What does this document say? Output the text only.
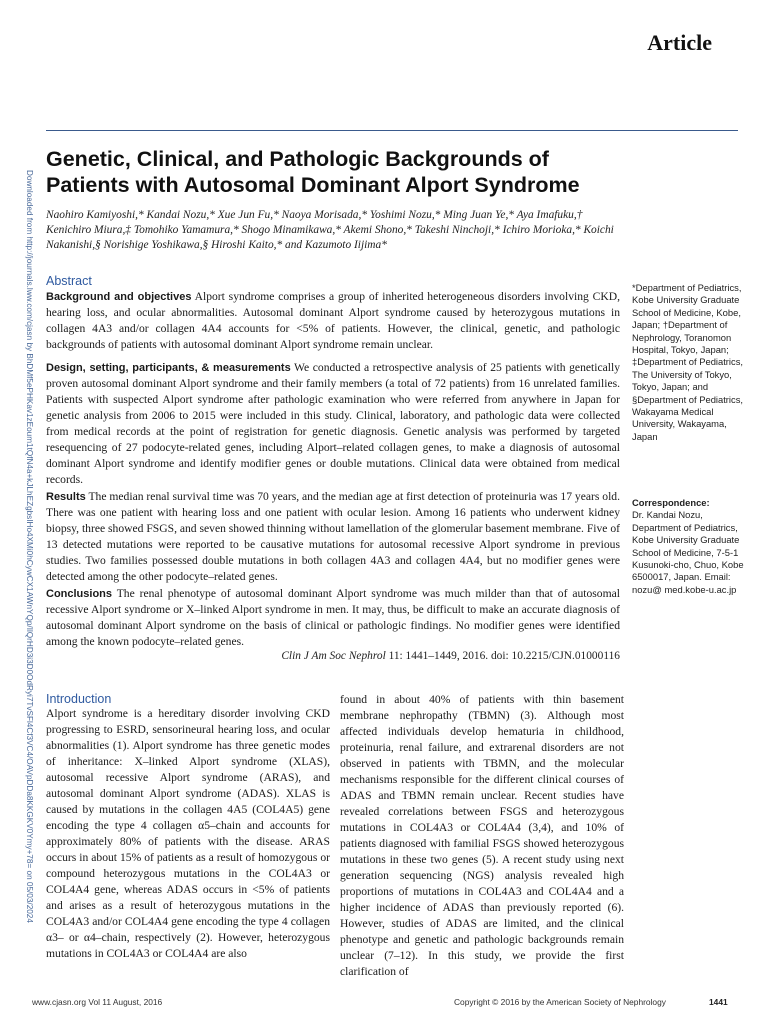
Article
Downloaded from http://journals.lww.com/cjasn by BhDMf5ePHKav1zEoum1tQfN4a+kJLhEZgbsIHo4XMi0hCywCX1AWnYQp/IlQrHD3i3D0OdRyi7TvSFl4Cf3VC4/OAVpDDa8KKGKV0Ymy+78= on 05/03/2024
Genetic, Clinical, and Pathologic Backgrounds of Patients with Autosomal Dominant Alport Syndrome
Naohiro Kamiyoshi,* Kandai Nozu,* Xue Jun Fu,* Naoya Morisada,* Yoshimi Nozu,* Ming Juan Ye,* Aya Imafuku,† Kenichiro Miura,‡ Tomohiko Yamamura,* Shogo Minamikawa,* Akemi Shono,* Takeshi Ninchoji,* Ichiro Morioka,* Koichi Nakanishi,§ Norishige Yoshikawa,§ Hiroshi Kaito,* and Kazumoto Iijima*
Abstract

Background and objectives Alport syndrome comprises a group of inherited heterogeneous disorders involving CKD, hearing loss, and ocular abnormalities. Autosomal dominant Alport syndrome caused by heterozygous mutations in collagen 4A3 and/or collagen 4A4 accounts for <5% of patients. However, the clinical, genetic, and pathologic backgrounds of patients with autosomal dominant Alport syndrome remain unclear.

Design, setting, participants, & measurements We conducted a retrospective analysis of 25 patients with genetically proven autosomal dominant Alport syndrome and their family members (a total of 72 patients) from 16 unrelated families. Patients with suspected Alport syndrome after pathologic examination who were referred from anywhere in Japan for genetic analysis from 2006 to 2015 were included in this study. Clinical, laboratory, and pathologic data were collected from medical records at the point of registration for genetic diagnosis. Genetic analysis was performed by targeted resequencing of 27 podocyte-related genes, including Alport–related collagen genes, to make a diagnosis of autosomal dominant Alport syndrome and identify modifier genes or double mutations. Clinical data were obtained from medical records.

Results The median renal survival time was 70 years, and the median age at first detection of proteinuria was 17 years old. There was one patient with hearing loss and one patient with ocular lesion. Among 16 patients who underwent kidney biopsy, three showed FSGS, and seven showed thinning without lamellation of the glomerular basement membrane. Five of 13 detected mutations were reported to be causative mutations for autosomal recessive Alport syndrome in previous studies. Two families possessed double mutations in both collagen 4A3 and collagen 4A4, but no modifier genes were detected among the other podocyte–related genes.

Conclusions The renal phenotype of autosomal dominant Alport syndrome was much milder than that of autosomal recessive Alport syndrome or X–linked Alport syndrome in men. It may, thus, be difficult to make an accurate diagnosis of autosomal dominant Alport syndrome on the basis of clinical or pathologic findings. No modifier genes were identified among the known podocyte–related genes.

Clin J Am Soc Nephrol 11: 1441–1449, 2016. doi: 10.2215/CJN.01000116
*Department of Pediatrics, Kobe University Graduate School of Medicine, Kobe, Japan; †Department of Nephrology, Toranomon Hospital, Tokyo, Japan; ‡Department of Pediatrics, The University of Tokyo, Tokyo, Japan; and §Department of Pediatrics, Wakayama Medical University, Wakayama, Japan
Correspondence:
Dr. Kandai Nozu, Department of Pediatrics, Kobe University Graduate School of Medicine, 7-5-1 Kusunoki-cho, Chuo, Kobe 6500017, Japan. Email: nozu@ med.kobe-u.ac.jp
Introduction

Alport syndrome is a hereditary disorder involving CKD progressing to ESRD, sensorineural hearing loss, and ocular abnormalities (1). Alport syndrome has three genetic modes of inheritance: X–linked Alport syndrome (XLAS), autosomal recessive Alport syndrome (ARAS), and autosomal dominant Alport syndrome (ADAS). XLAS is caused by mutations in the collagen 4A5 (COL4A5) gene encoding the type 4 collagen α5–chain and accounts for approximately 80% of patients with the disease. ARAS occurs in about 15% of patients as a result of homozygous or compound heterozygous mutations in the COL4A3 or COL4A4 gene, whereas ADAS occurs in <5% of patients and arises as a result of heterozygous mutations in the COL4A3 and/or COL4A4 gene encoding the type 4 collagen α3– or α4–chain, respectively (2). However, heterozygous mutations in COL4A3 or COL4A4 are also

found in about 40% of patients with thin basement membrane nephropathy (TBMN) (3). Although most affected individuals develop hematuria in childhood, proteinuria, renal failure, and extrarenal disorders are not observed in patients with TBMN, and the molecular mechanisms responsible for the different clinical courses of ADAS and TBMN remain unclear. Recent studies have revealed correlations between FSGS and heterozygous mutations in COL4A3 or COL4A4 (3,4), and 10% of patients diagnosed with familial FSGS showed heterozygous mutations in these two genes (5). A recent study using next generation sequencing (NGS) analysis revealed high proportions of mutations in COL4A3 and COL4A4 and a higher incidence of ADAS than previously reported (6). However, studies of ADAS are limited, and the clinical phenotype and genetic and pathologic backgrounds remain unclear (7–12). In this study, we provide the first clarification of

www.cjasn.org Vol 11 August, 2016	Copyright © 2016 by the American Society of Nephrology	1441
